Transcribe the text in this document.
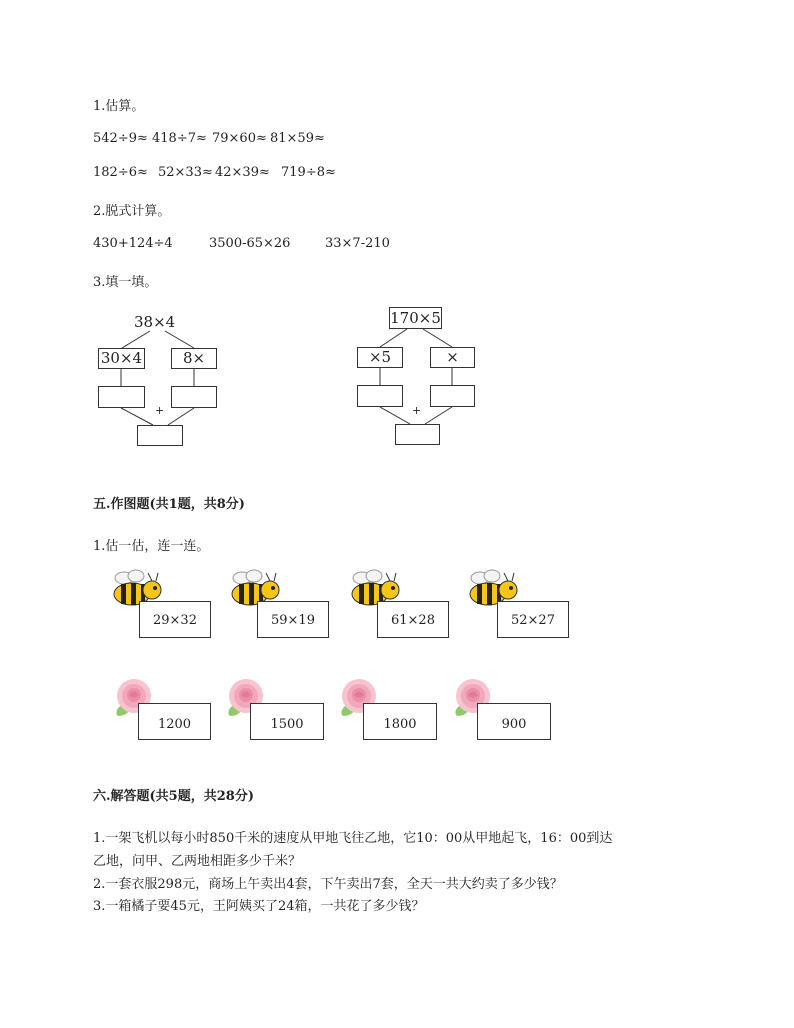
1.估算。
542÷9≈ 418÷7≈ 79×60≈ 81×59≈
182÷6≈ 52×33≈ 42×39≈ 719÷8≈
2.脱式计算。
430+124÷4	3500-65×26	33×7-210
3.填一填。
38×4
30×4	8×
+
170×5
×5	×
+
五.作图题(共1题，共8分)
1.估一估，连一连。
29×32	59×19	61×28	52×27
1200	1500	1800	900
六.解答题(共5题，共28分)
1.一架飞机以每小时850千米的速度从甲地飞往乙地，它10：00从甲地起飞，16：00到达
乙地，问甲、乙两地相距多少千米？
2.一套衣服298元，商场上午卖出4套，下午卖出7套，全天一共大约卖了多少钱？
3.一箱橘子要45元，王阿姨买了24箱，一共花了多少钱？
